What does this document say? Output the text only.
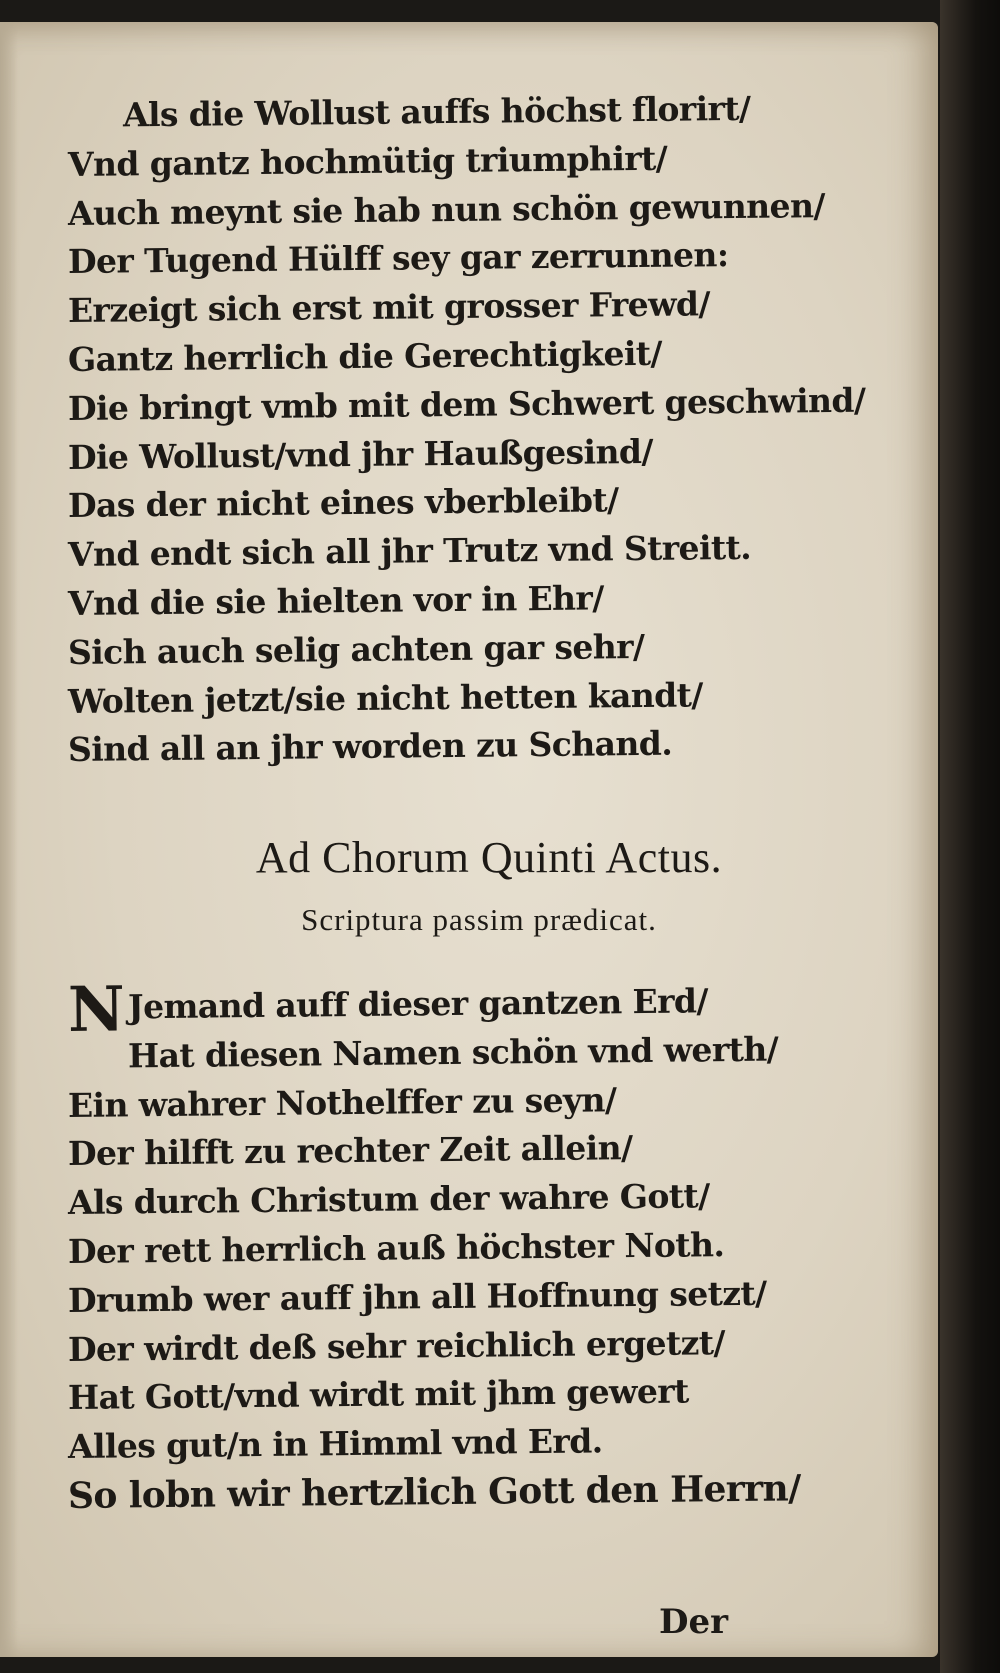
Als die Wollust auffs höchst florirt/
Vnd gantz hochmütig triumphirt/
Auch meynt sie hab nun schön gewunnen/
Der Tugend Hülff sey gar zerrunnen:
Erzeigt sich erst mit grosser Frewd/
Gantz herrlich die Gerechtigkeit/
Die bringt vmb mit dem Schwert geschwind/
Die Wollust/vnd jhr Haußgesind/
Das der nicht eines vberbleibt/
Vnd endt sich all jhr Trutz vnd Streitt.
Vnd die sie hielten vor in Ehr/
Sich auch selig achten gar sehr/
Wolten jetzt/sie nicht hetten kandt/
Sind all an jhr worden zu Schand.
Ad Chorum Quinti Actus.
Scriptura passim prædicat.
N Jemand auff dieser gantzen Erd/
Hat diesen Namen schön vnd werth/
Ein wahrer Nothelffer zu seyn/
Der hilfft zu rechter Zeit allein/
Als durch Christum der wahre Gott/
Der rett herrlich auß höchster Noth.
Drumb wer auff jhn all Hoffnung setzt/
Der wirdt deß sehr reichlich ergetzt/
Hat Gott/vnd wirdt mit jhm gewert
Alles gut/n in Himml vnd Erd.
So lobn wir hertzlich Gott den Herrn/
Der
